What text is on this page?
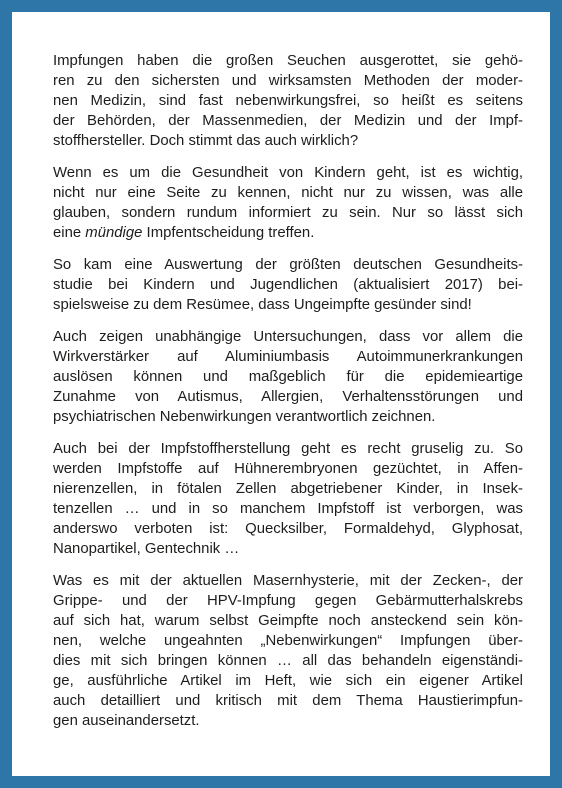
Impfungen haben die großen Seuchen ausgerottet, sie gehö-
ren zu den sichersten und wirksamsten Methoden der moder-
nen Medizin, sind fast nebenwirkungsfrei, so heißt es seitens
der Behörden, der Massenmedien, der Medizin und der Impf-
stoffhersteller. Doch stimmt das auch wirklich?

Wenn es um die Gesundheit von Kindern geht, ist es wichtig,
nicht nur eine Seite zu kennen, nicht nur zu wissen, was alle
glauben, sondern rundum informiert zu sein. Nur so lässt sich
eine mündige Impfentscheidung treffen.

So kam eine Auswertung der größten deutschen Gesundheits-
studie bei Kindern und Jugendlichen (aktualisiert 2017) bei-
spielsweise zu dem Resümee, dass Ungeimpfte gesünder sind!

Auch zeigen unabhängige Untersuchungen, dass vor allem die
Wirkverstärker auf Aluminiumbasis Autoimmunerkrankungen
auslösen können und maßgeblich für die epidemieartige
Zunahme von Autismus, Allergien, Verhaltensstörungen und
psychiatrischen Nebenwirkungen verantwortlich zeichnen.

Auch bei der Impfstoffherstellung geht es recht gruselig zu. So
werden Impfstoffe auf Hühnerembryonen gezüchtet, in Affen-
nierenzellen, in fötalen Zellen abgetriebener Kinder, in Insek-
tenzellen … und in so manchem Impfstoff ist verborgen, was
anderswo verboten ist: Quecksilber, Formaldehyd, Glyphosat,
Nanopartikel, Gentechnik …

Was es mit der aktuellen Masernhysterie, mit der Zecken-, der
Grippe- und der HPV-Impfung gegen Gebärmutterhalskrebs
auf sich hat, warum selbst Geimpfte noch ansteckend sein kön-
nen, welche ungeahnten „Nebenwirkungen“ Impfungen über-
dies mit sich bringen können … all das behandeln eigenständi-
ge, ausführliche Artikel im Heft, wie sich ein eigener Artikel
auch detailliert und kritisch mit dem Thema Haustierimpfun-
gen auseinandersetzt.
